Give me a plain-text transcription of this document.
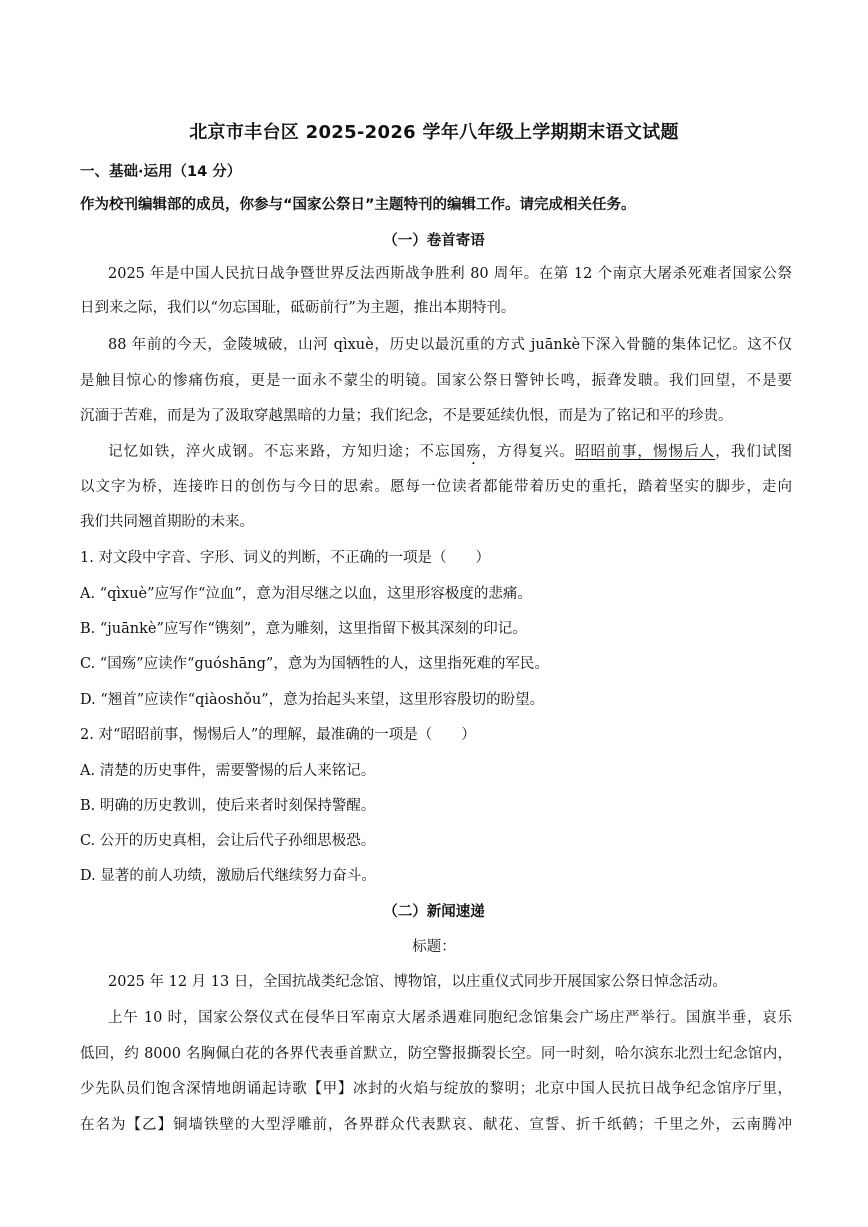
北京市丰台区 2025-2026 学年八年级上学期期末语文试题
一、基础·运用（14 分）
作为校刊编辑部的成员，你参与“国家公祭日”主题特刊的编辑工作。请完成相关任务。
（一）卷首寄语
2025 年是中国人民抗日战争暨世界反法西斯战争胜利 80 周年。在第 12 个南京大屠杀死难者国家公祭
日到来之际，我们以“勿忘国耻，砥砺前行”为主题，推出本期特刊。
88 年前的今天，金陵城破，山河 qìxuè，历史以最沉重的方式 juānkè下深入骨髓的集体记忆。这不仅
是触目惊心的惨痛伤痕，更是一面永不蒙尘的明镜。国家公祭日警钟长鸣，振聋发聩。我们回望，不是要
沉湎于苦难，而是为了汲取穿越黑暗的力量；我们纪念，不是要延续仇恨，而是为了铭记和平的珍贵。
记忆如铁，淬火成钢。不忘来路，方知归途；不忘国殇，方得复兴。昭昭前事，惕惕后人，我们试图
以文字为桥，连接昨日的创伤与今日的思索。愿每一位读者都能带着历史的重托，踏着坚实的脚步，走向
我们共同翘首期盼的未来。
1. 对文段中字音、字形、词义的判断，不正确的一项是（　　）
A. “qìxuè”应写作“泣血”，意为泪尽继之以血，这里形容极度的悲痛。
B. “juānkè”应写作“镌刻”，意为雕刻，这里指留下极其深刻的印记。
C. “国殇”应读作“guóshāng”，意为为国牺牲的人，这里指死难的军民。
D. “翘首”应读作“qiàoshǒu”，意为抬起头来望，这里形容殷切的盼望。
2. 对“昭昭前事，惕惕后人”的理解，最准确的一项是（　　）
A. 清楚的历史事件，需要警惕的后人来铭记。
B. 明确的历史教训，使后来者时刻保持警醒。
C. 公开的历史真相，会让后代子孙细思极恐。
D. 显著的前人功绩，激励后代继续努力奋斗。
（二）新闻速递
标题：
2025 年 12 月 13 日，全国抗战类纪念馆、博物馆，以庄重仪式同步开展国家公祭日悼念活动。
上午 10 时，国家公祭仪式在侵华日军南京大屠杀遇难同胞纪念馆集会广场庄严举行。国旗半垂，哀乐
低回，约 8000 名胸佩白花的各界代表垂首默立，防空警报撕裂长空。同一时刻，哈尔滨东北烈士纪念馆内，
少先队员们饱含深情地朗诵起诗歌【甲】冰封的火焰与绽放的黎明；北京中国人民抗日战争纪念馆序厅里，
在名为【乙】铜墙铁壁的大型浮雕前，各界群众代表默哀、献花、宣誓、折千纸鹤；千里之外，云南腾冲
